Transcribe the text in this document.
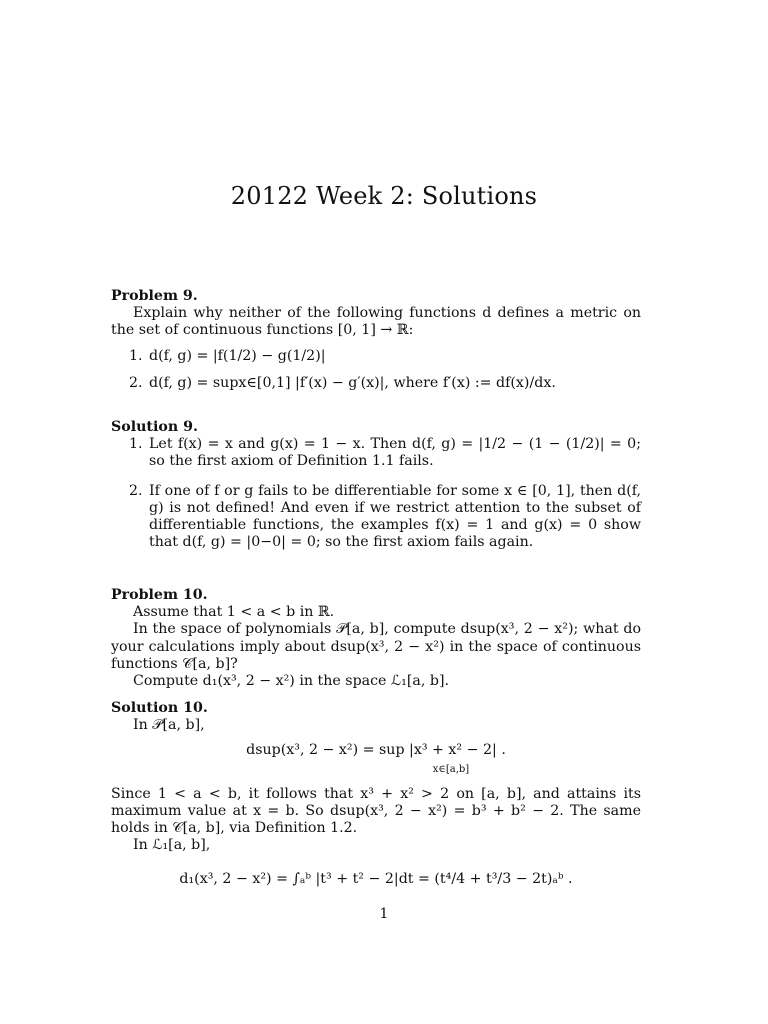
20122 Week 2: Solutions
Problem 9.
Explain why neither of the following functions d defines a metric on the set of continuous functions [0, 1] → ℝ:
1. d(f, g) = |f(1/2) − g(1/2)|
2. d(f, g) = supx∈[0,1] |f′(x) − g′(x)|, where f′(x) := df(x)/dx.
Solution 9.
1. Let f(x) = x and g(x) = 1 − x. Then d(f, g) = |1/2 − (1 − (1/2)| = 0; so the first axiom of Definition 1.1 fails.
2. If one of f or g fails to be differentiable for some x ∈ [0, 1], then d(f, g) is not defined! And even if we restrict attention to the subset of differentiable functions, the examples f(x) = 1 and g(x) = 0 show that d(f, g) = |0−0| = 0; so the first axiom fails again.
Problem 10.
Assume that 1 < a < b in ℝ.
In the space of polynomials 𝒫[a, b], compute dsup(x³, 2 − x²); what do your calculations imply about dsup(x³, 2 − x²) in the space of continuous functions 𝒞[a, b]?
Compute d₁(x³, 2 − x²) in the space ℒ₁[a, b].
Solution 10.
In 𝒫[a, b],
dsup(x³, 2 − x²) = sup |x³ + x² − 2| .
x∈[a,b]
Since 1 < a < b, it follows that x³ + x² > 2 on [a, b], and attains its maximum value at x = b. So dsup(x³, 2 − x²) = b³ + b² − 2. The same holds in 𝒞[a, b], via Definition 1.2.
In ℒ₁[a, b],
d₁(x³, 2 − x²) = ∫ₐᵇ |t³ + t² − 2|dt = (t⁴/4 + t³/3 − 2t)ₐᵇ .
1
